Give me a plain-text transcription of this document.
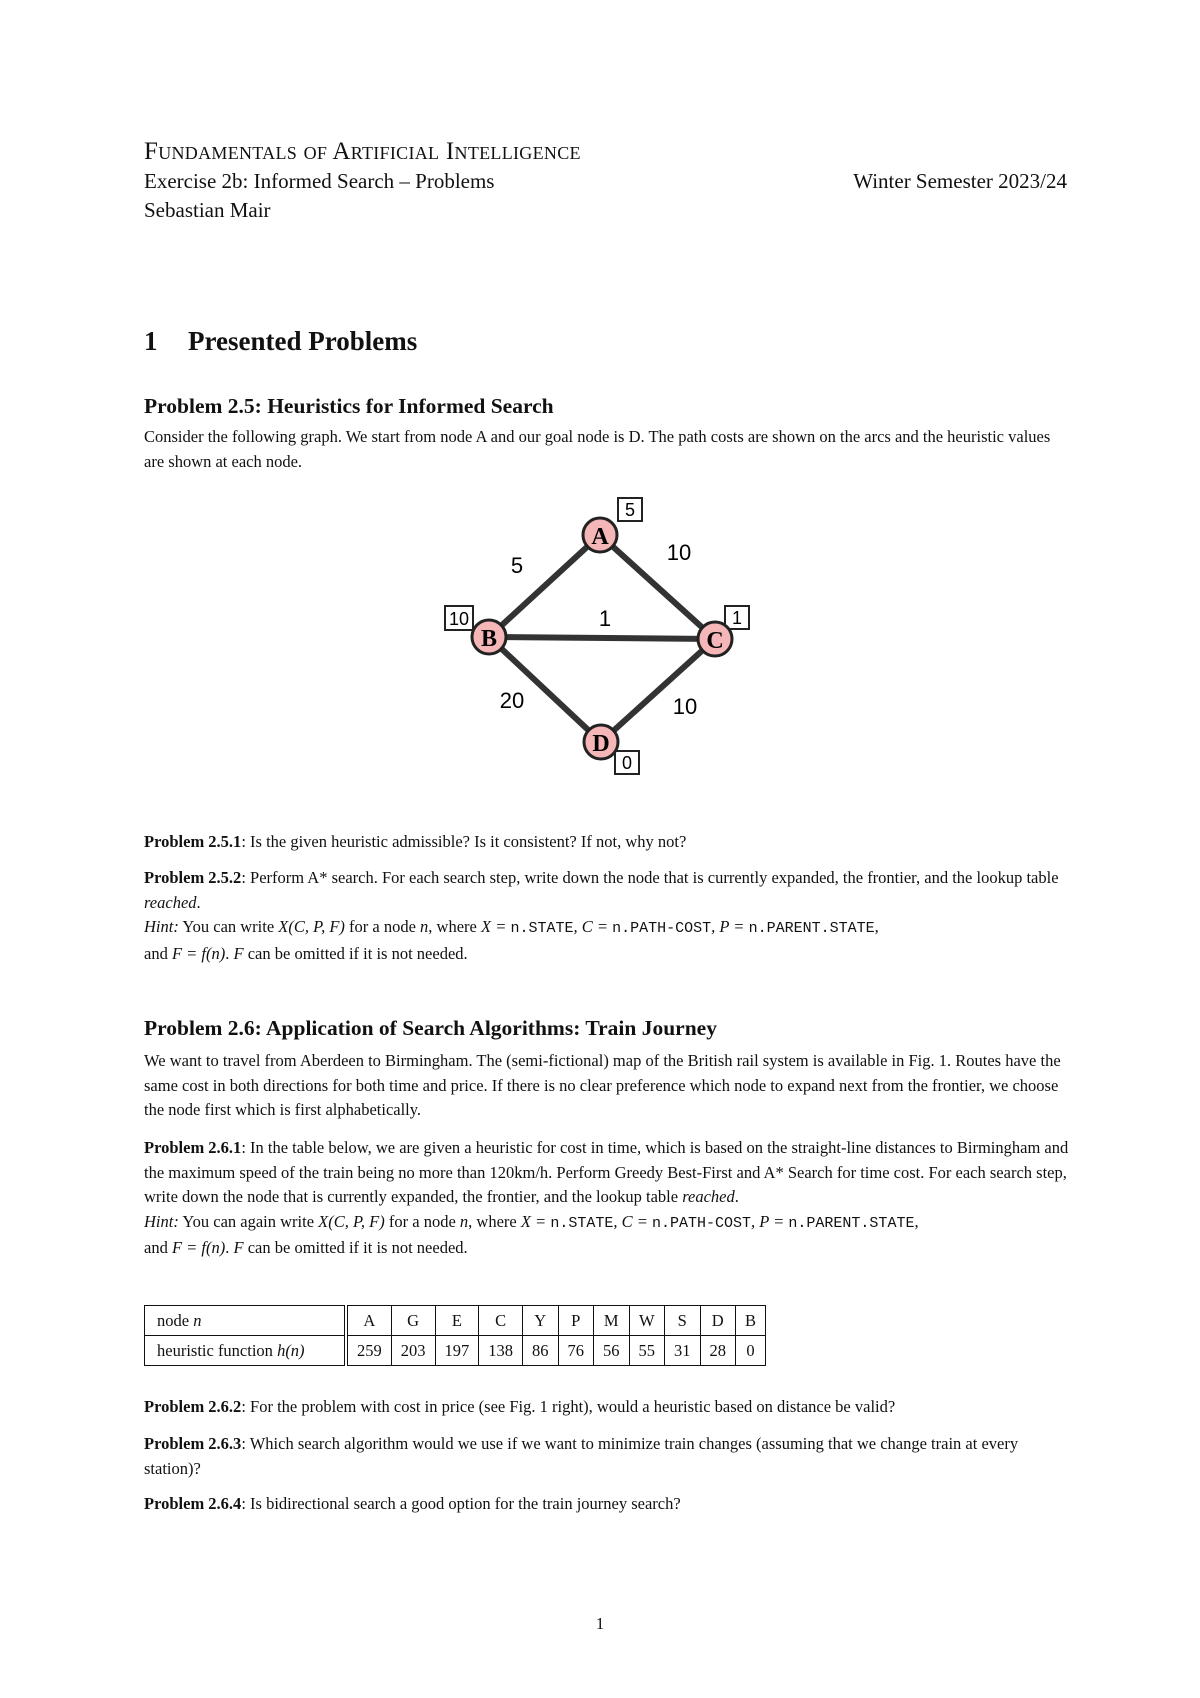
Fundamentals of Artificial Intelligence
Exercise 2b: Informed Search – Problems	Winter Semester 2023/24
Sebastian Mair
1 Presented Problems
Problem 2.5: Heuristics for Informed Search
Consider the following graph. We start from node A and our goal node is D. The path costs are shown on the arcs and the heuristic values are shown at each node.
5
10
1
20	10
5
10	1
0
A
B	C
D
Problem 2.5.1: Is the given heuristic admissible? Is it consistent? If not, why not?
Problem 2.5.2: Perform A* search. For each search step, write down the node that is currently expanded, the frontier, and the lookup table reached.
Hint: You can write X(C, P, F) for a node n, where X = n.STATE, C = n.PATH-COST, P = n.PARENT.STATE,
and F = f(n). F can be omitted if it is not needed.
Problem 2.6: Application of Search Algorithms: Train Journey
We want to travel from Aberdeen to Birmingham. The (semi-fictional) map of the British rail system is available in Fig. 1. Routes have the same cost in both directions for both time and price. If there is no clear preference which node to expand next from the frontier, we choose the node first which is first alphabetically.
Problem 2.6.1: In the table below, we are given a heuristic for cost in time, which is based on the straight-line distances to Birmingham and the maximum speed of the train being no more than 120km/h. Perform Greedy Best-First and A* Search for time cost. For each search step, write down the node that is currently expanded, the frontier, and the lookup table reached.
Hint: You can again write X(C, P, F) for a node n, where X = n.STATE, C = n.PATH-COST, P = n.PARENT.STATE,
and F = f(n). F can be omitted if it is not needed.
node n	A	G	E	C	Y	P	M	W	S	D	B
heuristic function h(n)	259	203	197	138	86	76	56	55	31	28	0
Problem 2.6.2: For the problem with cost in price (see Fig. 1 right), would a heuristic based on distance be valid?
Problem 2.6.3: Which search algorithm would we use if we want to minimize train changes (assuming that we change train at every station)?
Problem 2.6.4: Is bidirectional search a good option for the train journey search?
1
